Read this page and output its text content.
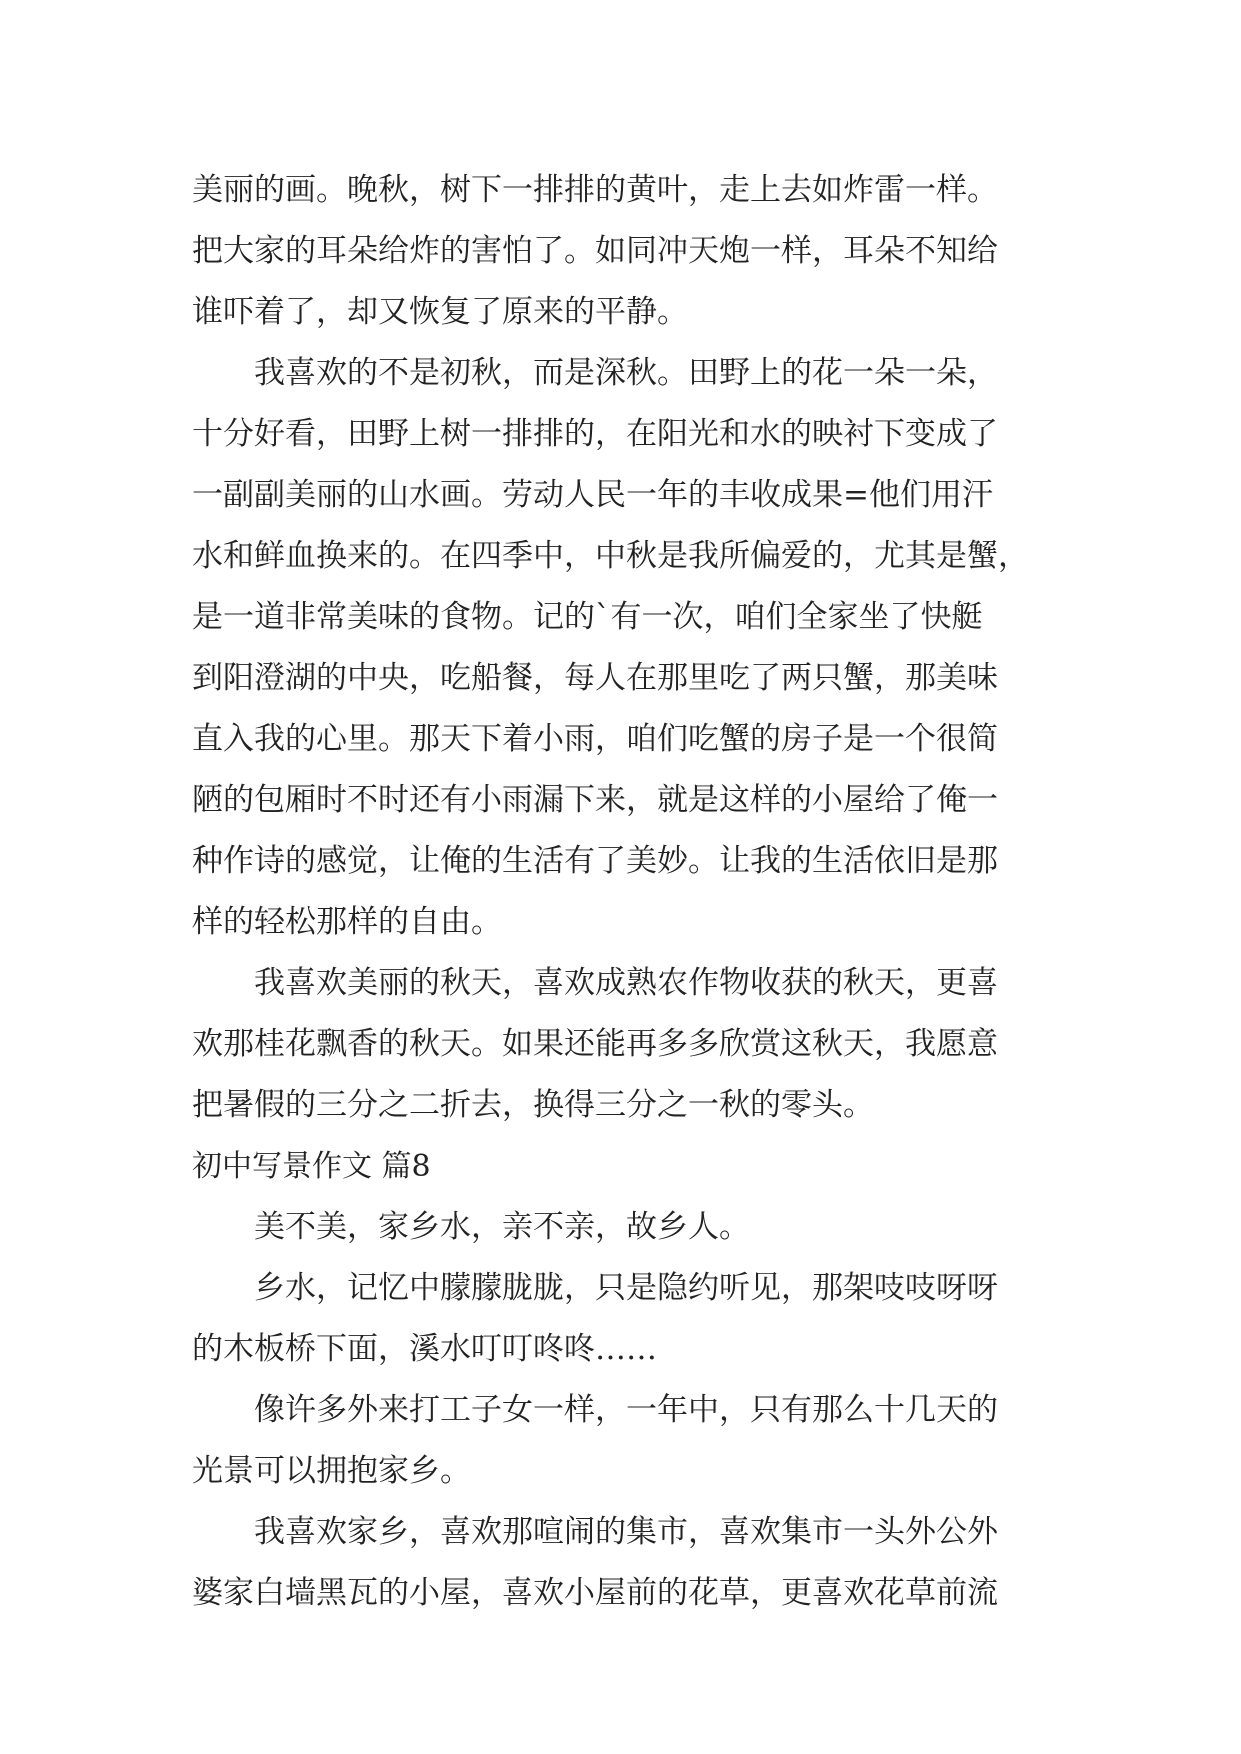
美丽的画。晚秋，树下一排排的黄叶，走上去如炸雷一样。
把大家的耳朵给炸的害怕了。如同冲天炮一样，耳朵不知给
谁吓着了，却又恢复了原来的平静。
我喜欢的不是初秋，而是深秋。田野上的花一朵一朵，
十分好看，田野上树一排排的，在阳光和水的映衬下变成了
一副副美丽的山水画。劳动人民一年的丰收成果=他们用汗
水和鲜血换来的。在四季中，中秋是我所偏爱的，尤其是蟹，
是一道非常美味的食物。记的`有一次，咱们全家坐了快艇
到阳澄湖的中央，吃船餐，每人在那里吃了两只蟹，那美味
直入我的心里。那天下着小雨，咱们吃蟹的房子是一个很简
陋的包厢时不时还有小雨漏下来，就是这样的小屋给了俺一
种作诗的感觉，让俺的生活有了美妙。让我的生活依旧是那
样的轻松那样的自由。
我喜欢美丽的秋天，喜欢成熟农作物收获的秋天，更喜
欢那桂花飘香的秋天。如果还能再多多欣赏这秋天，我愿意
把暑假的三分之二折去，换得三分之一秋的零头。
初中写景作文 篇8
美不美，家乡水，亲不亲，故乡人。
乡水，记忆中朦朦胧胧，只是隐约听见，那架吱吱呀呀
的木板桥下面，溪水叮叮咚咚……
像许多外来打工子女一样，一年中，只有那么十几天的
光景可以拥抱家乡。
我喜欢家乡，喜欢那喧闹的集市，喜欢集市一头外公外
婆家白墙黑瓦的小屋，喜欢小屋前的花草，更喜欢花草前流
